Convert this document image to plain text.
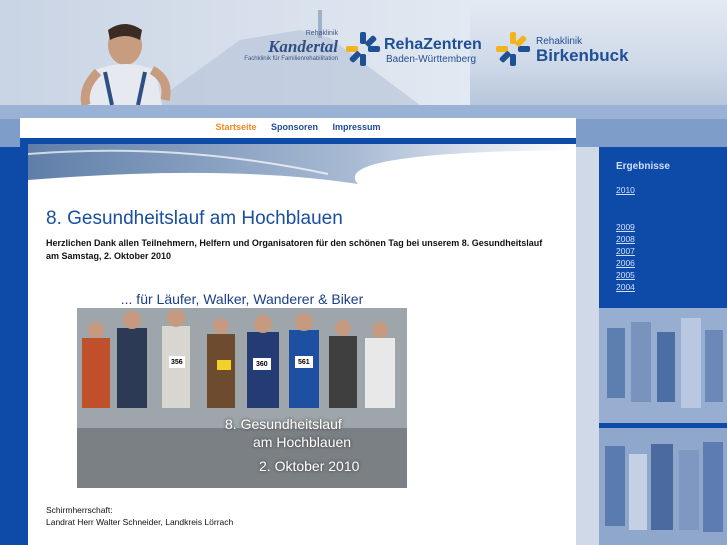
Rehaklinik
Kandertal
Fachklinik für Familienrehabilitation
RehaZentren
Baden-Württemberg
Rehaklinik
Birkenbuck
Startseite Sponsoren Impressum
8. Gesundheitslauf am Hochblauen
Herzlichen Dank allen Teilnehmern, Helfern und Organisatoren für den schönen Tag bei unserem 8. Gesundheitslauf am Samstag, 2. Oktober 2010
... für Läufer, Walker, Wanderer & Biker
8. Gesundheitslauf
am Hochblauen
2. Oktober 2010
356	360	561
Schirmherrschaft:
Landrat Herr Walter Schneider, Landkreis Lörrach
Ergebnisse
2010
2009
2008
2007
2006
2005
2004
